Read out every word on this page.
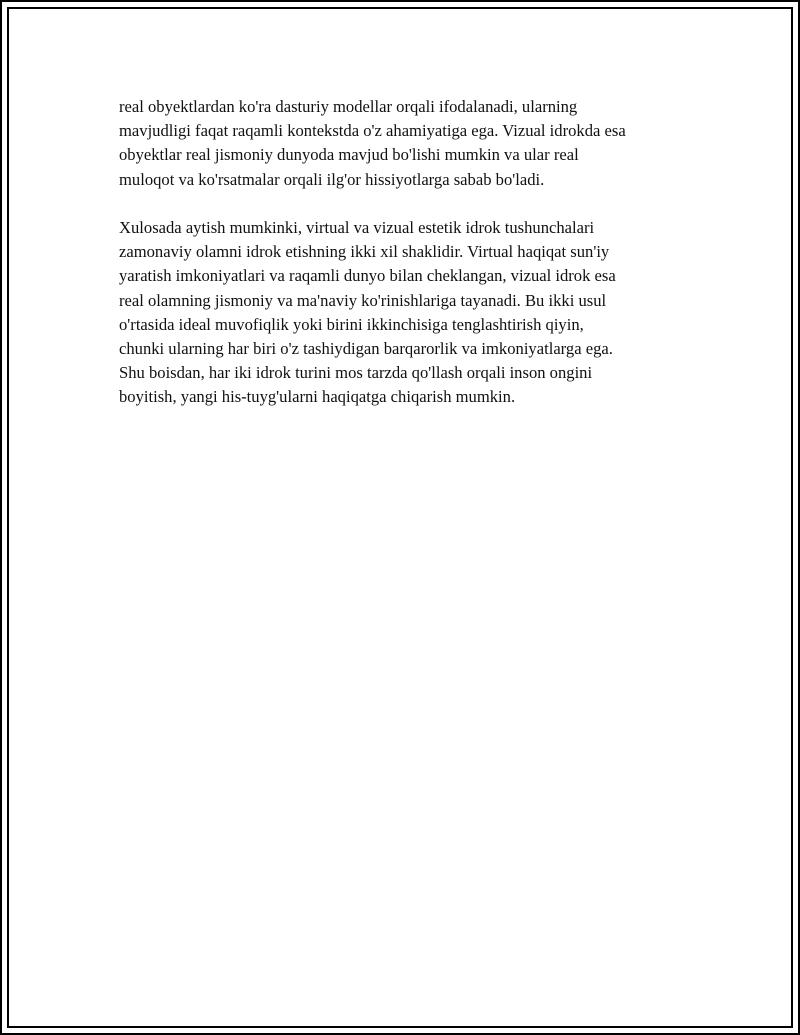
real obyektlardan ko'ra dasturiy modellar orqali ifodalanadi, ularning
mavjudligi faqat raqamli kontekstda o'z ahamiyatiga ega. Vizual idrokda esa
obyektlar real jismoniy dunyoda mavjud bo'lishi mumkin va ular real
muloqot va ko'rsatmalar orqali ilg'or hissiyotlarga sabab bo'ladi.

Xulosada aytish mumkinki, virtual va vizual estetik idrok tushunchalari
zamonaviy olamni idrok etishning ikki xil shaklidir. Virtual haqiqat sun'iy
yaratish imkoniyatlari va raqamli dunyo bilan cheklangan, vizual idrok esa
real olamning jismoniy va ma'naviy ko'rinishlariga tayanadi. Bu ikki usul
o'rtasida ideal muvofiqlik yoki birini ikkinchisiga tenglashtirish qiyin,
chunki ularning har biri o'z tashiydigan barqarorlik va imkoniyatlarga ega.
Shu boisdan, har iki idrok turini mos tarzda qo'llash orqali inson ongini
boyitish, yangi his-tuyg'ularni haqiqatga chiqarish mumkin.
